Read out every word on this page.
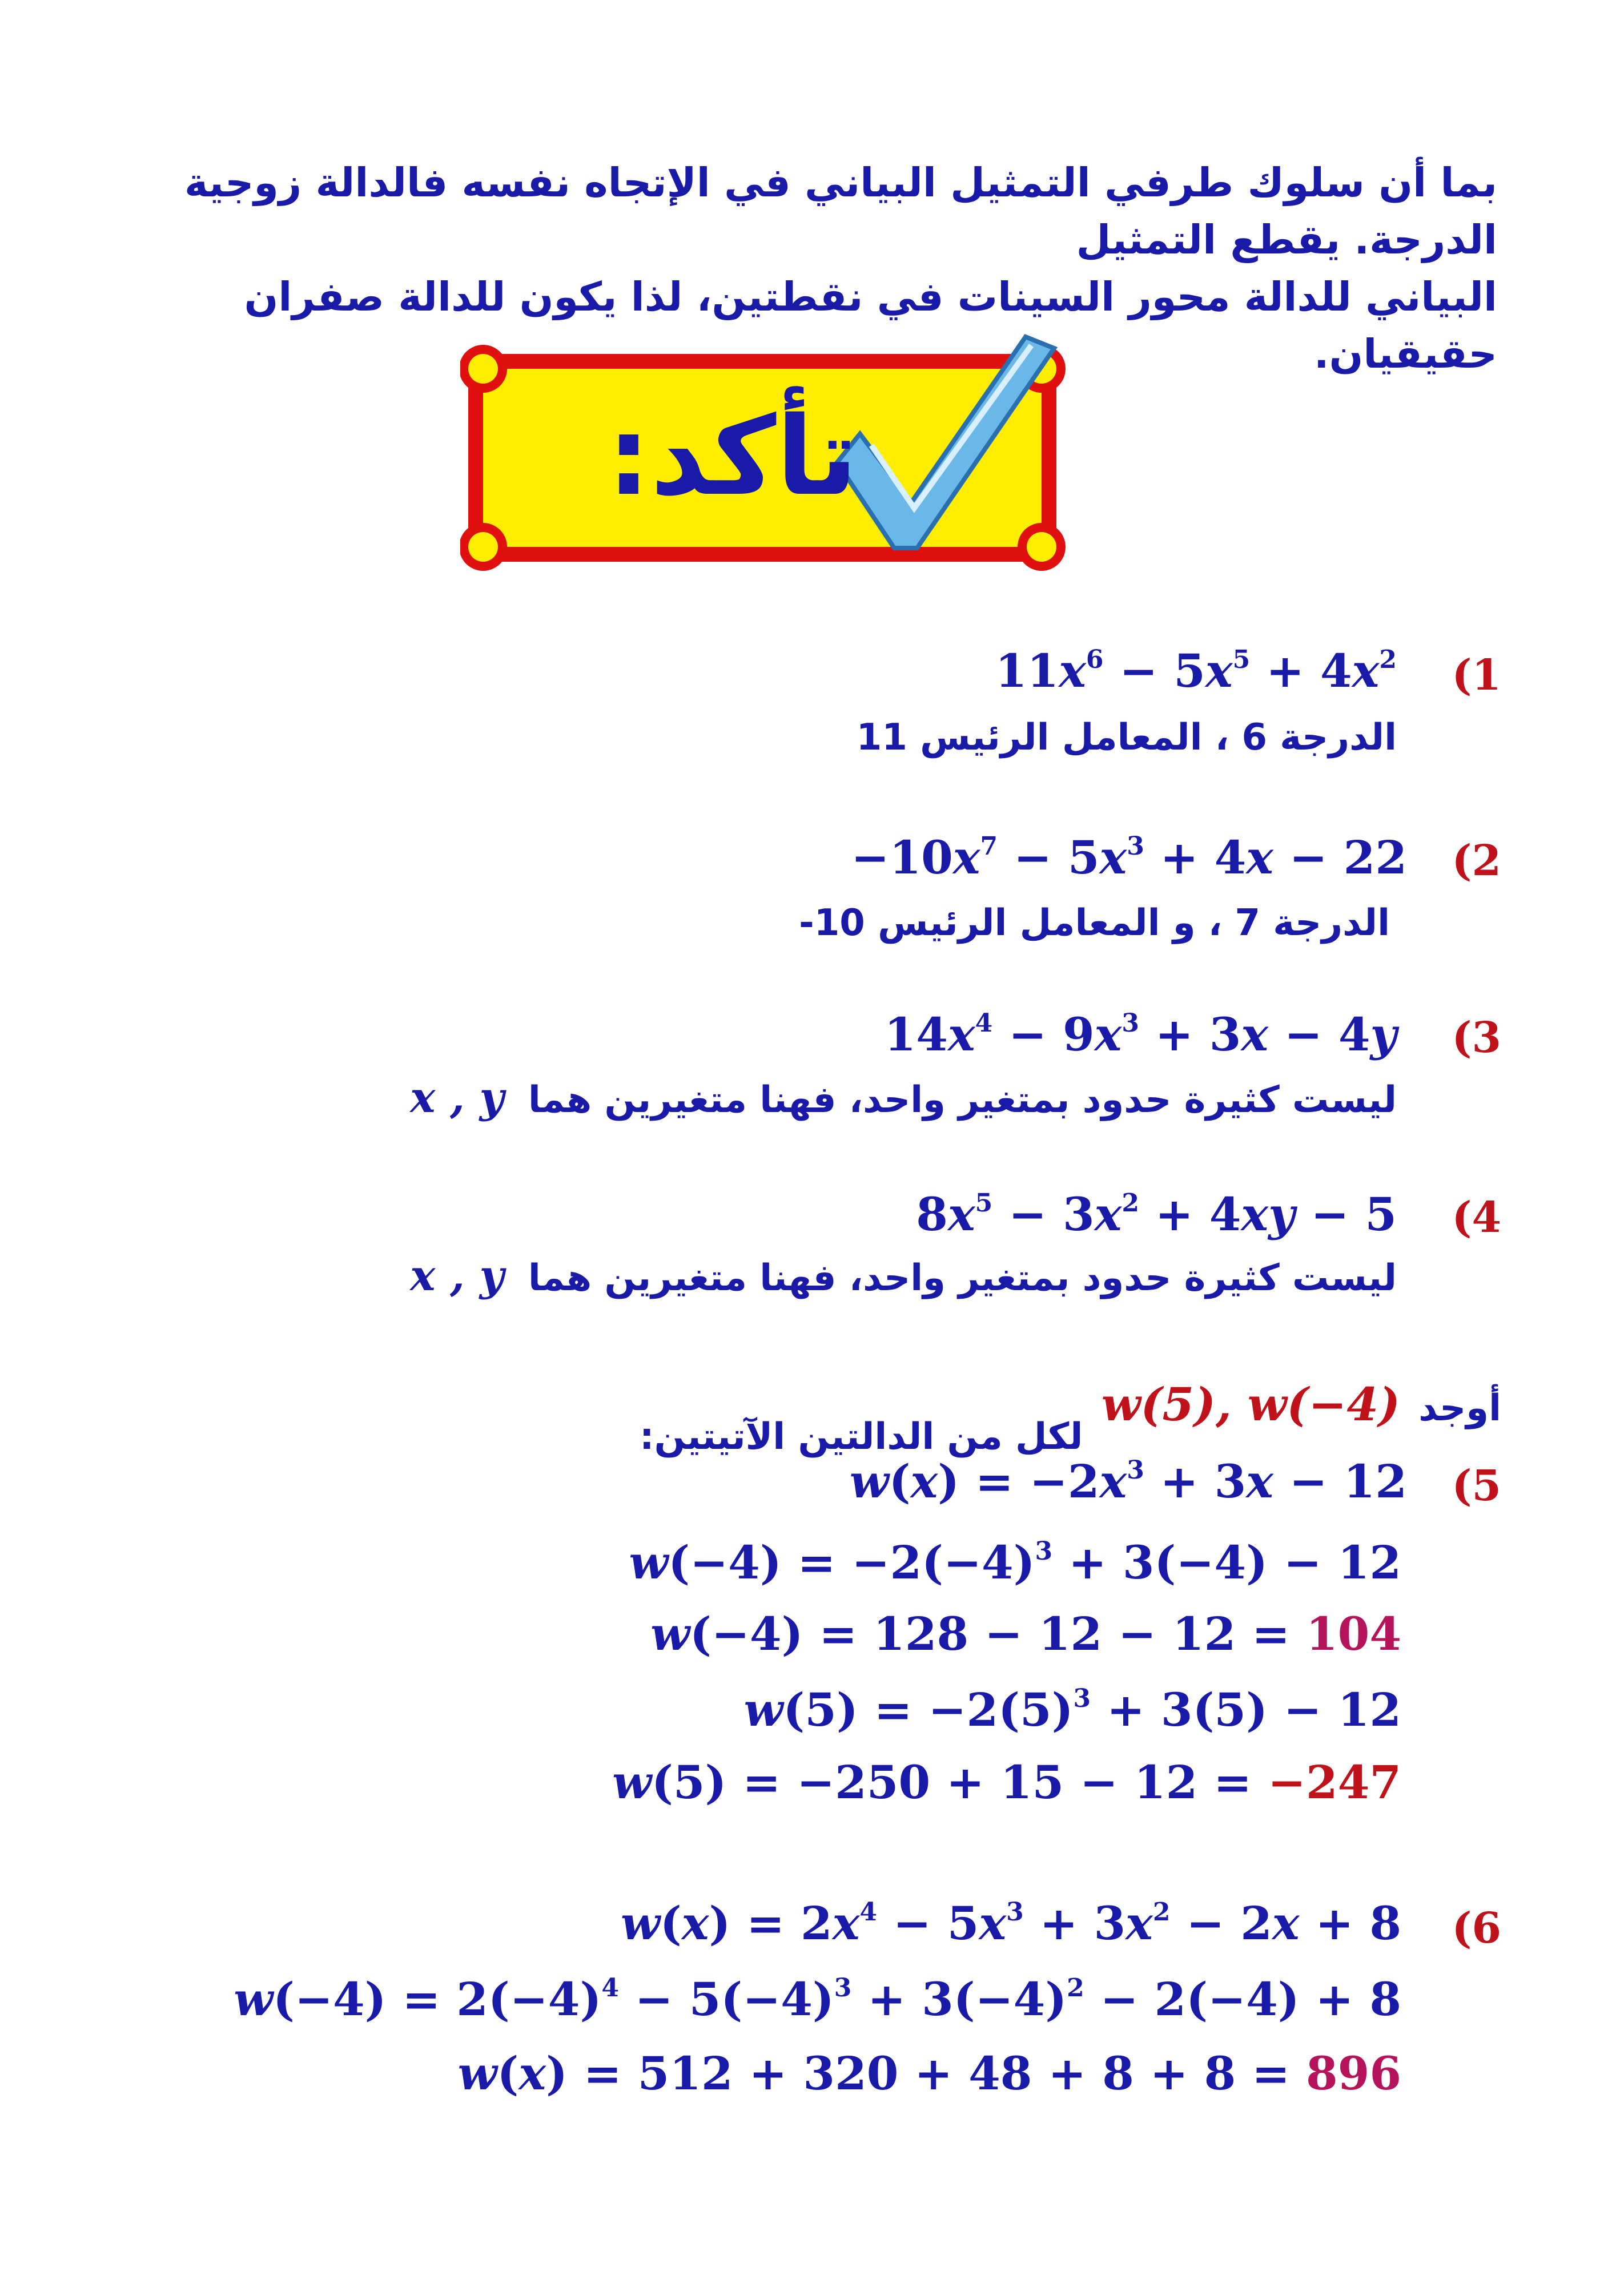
بما أن سلوك طرفي التمثيل البياني في الإتجاه نفسه فالدالة زوجية الدرجة. يقطع التمثيل
البياني للدالة محور السينات في نقطتين، لذا يكون للدالة صفران حقيقيان.
تأكد:
(1
$11x^6 - 5x^5 + 4x^2$
الدرجة 6 ، المعامل الرئيس 11
(2
$-10x^7 - 5x^3 + 4x - 22$
الدرجة 7 ، و المعامل الرئيس 10-
(3
$14x^4 - 9x^3 + 3x - 4y$
ليست كثيرة حدود بمتغير واحد، فهنا متغيرين هما x , y
(4
$8x^5 - 3x^2 + 4xy - 5$
ليست كثيرة حدود بمتغير واحد، فهنا متغيرين هما x , y
أوجد w(5), w(−4) لكل من الدالتين الآتيتين:
(5
$w(x) = -2x^3 + 3x - 12$
$w(-4) = -2(-4)^3 + 3(-4) - 12$
w(−4) = 128 − 12 − 12 = 104
$w(5) = -2(5)^3 + 3(5) - 12$
w(5) = −250 + 15 − 12 = −247
(6
$w(x) = 2x^4 - 5x^3 + 3x^2 - 2x + 8$
$w(-4) = 2(-4)^4 - 5(-4)^3 + 3(-4)^2 - 2(-4) + 8$
w(x) = 512 + 320 + 48 + 8 + 8 = 896
